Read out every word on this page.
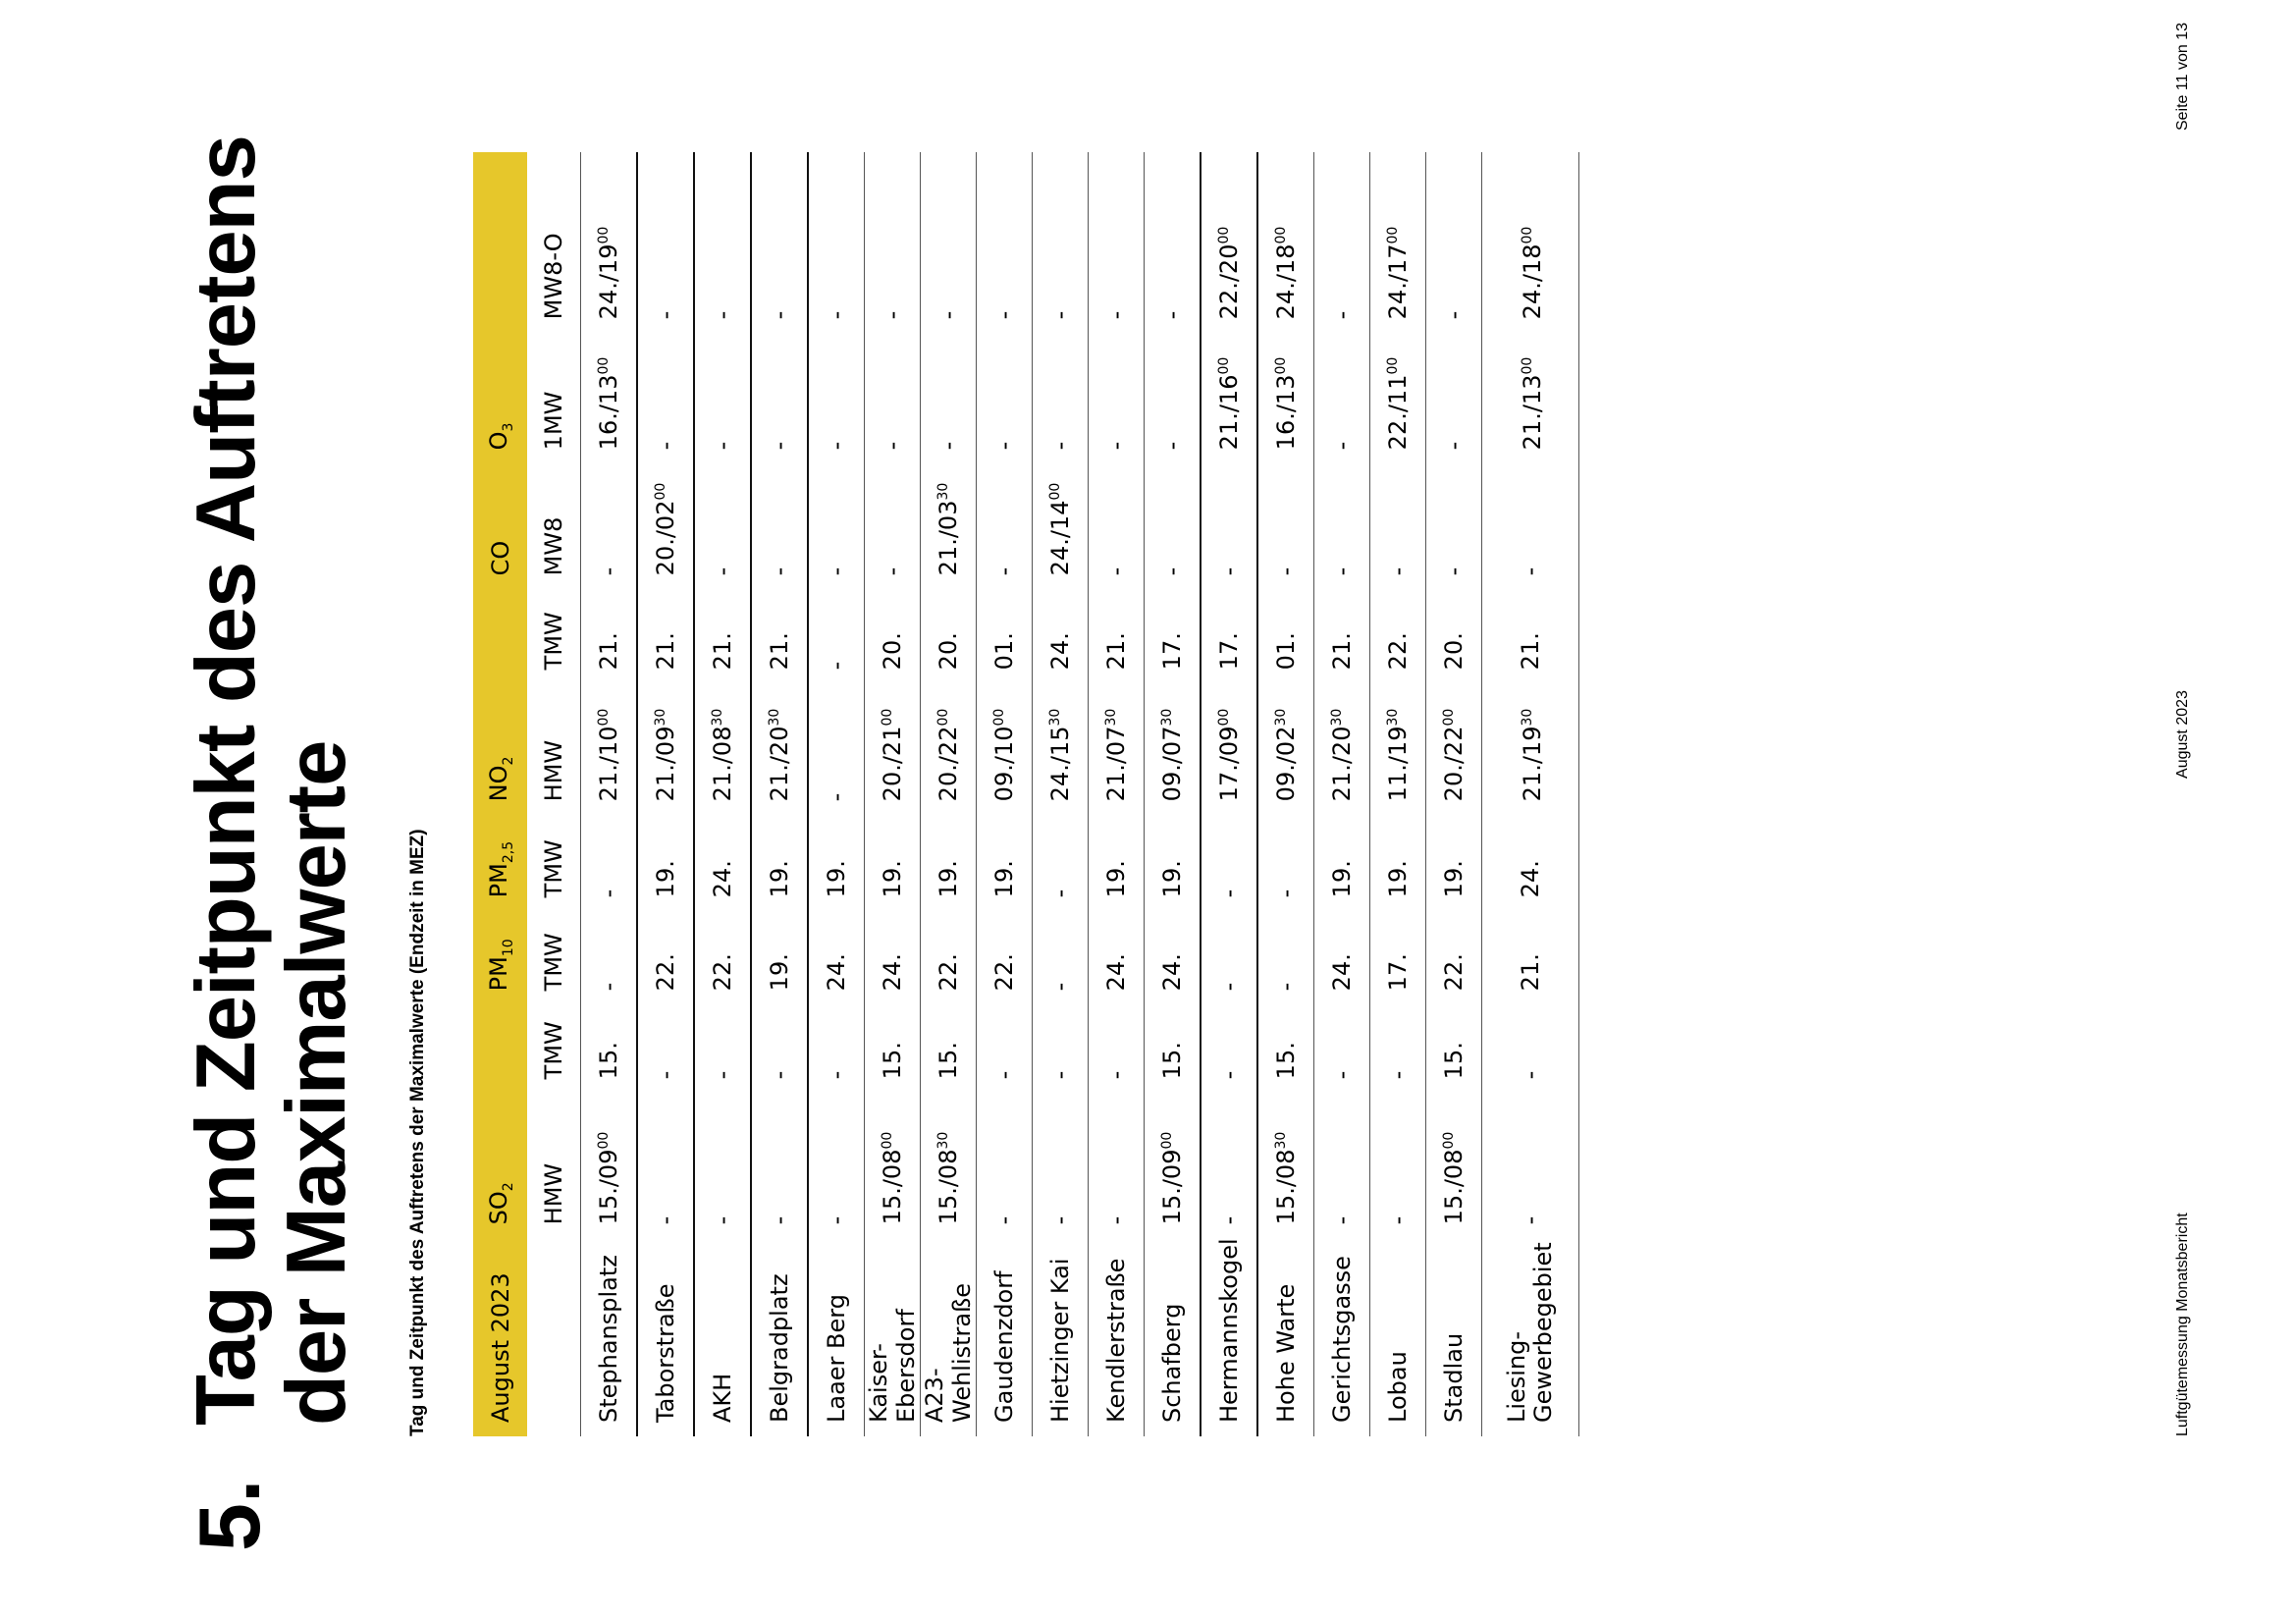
5.
Tag und Zeitpunkt des Auftretens der Maximalwerte Tag und Zeitpunkt des Auftretens der Maximalwerte (Endzeit in MEZ) August 2023	$SO_2$		$PM_{10}$	$PM_{2,5}$	$NO_2$		CO	$O_3$
	HMW	TMW	TMW	TMW	HMW	TMW	MW8	1MW	MW8-O
Stephansplatz	$15./09^{00}$	15.	-	-	$21./10^{00}$	21.	-	$16./13^{00}$	$24./19^{00}$
Taborstraße	-	-	22.	19.	$21./09^{30}$	21.	$20./02^{00}$	-	-
AKH	-	-	22.	24.	$21./08^{30}$	21.	-	-	-
Belgradplatz	-	-	19.	19.	$21./20^{30}$	21.	-	-	-
Laaer Berg	-	-	24.	19.	-	-	-	-	-
Kaiser-Ebersdorf	$15./08^{00}$	15.	24.	19.	$20./21^{00}$	20.	-	-	-
A23-Wehlistraße	$15./08^{30}$	15.	22.	19.	$20./22^{00}$	20.	$21./03^{30}$	-	-
Gaudenzdorf	-	-	22.	19.	$09./10^{00}$	01.	-	-	-
Hietzinger Kai	-	-	-	-	$24./15^{30}$	24.	$24./14^{00}$	-	-
Kendlerstraße	-	-	24.	19.	$21./07^{30}$	21.	-	-	-
Schafberg	$15./09^{00}$	15.	24.	19.	$09./07^{30}$	17.	-	-	-
Hermannskogel	-	-	-	-	$17./09^{00}$	17.	-	$21./16^{00}$	$22./20^{00}$
Hohe Warte	$15./08^{30}$	15.	-	-	$09./02^{30}$	01.	-	$16./13^{00}$	$24./18^{00}$
Gerichtsgasse	-	-	24.	19.	$21./20^{30}$	21.	-	-	-
Lobau	-	-	17.	19.	$11./19^{30}$	22.	-	$22./11^{00}$	$24./17^{00}$
Stadlau	$15./08^{00}$	15.	22.	19.	$20./22^{00}$	20.	-	-	-
Liesing-Gewerbegebiet	-	-	21.	24.	$21./19^{30}$	21.	-	$21./13^{00}$	$24./18^{00}$
Luftgütemessung Monatsbericht
August 2023
Seite 11 von 13
